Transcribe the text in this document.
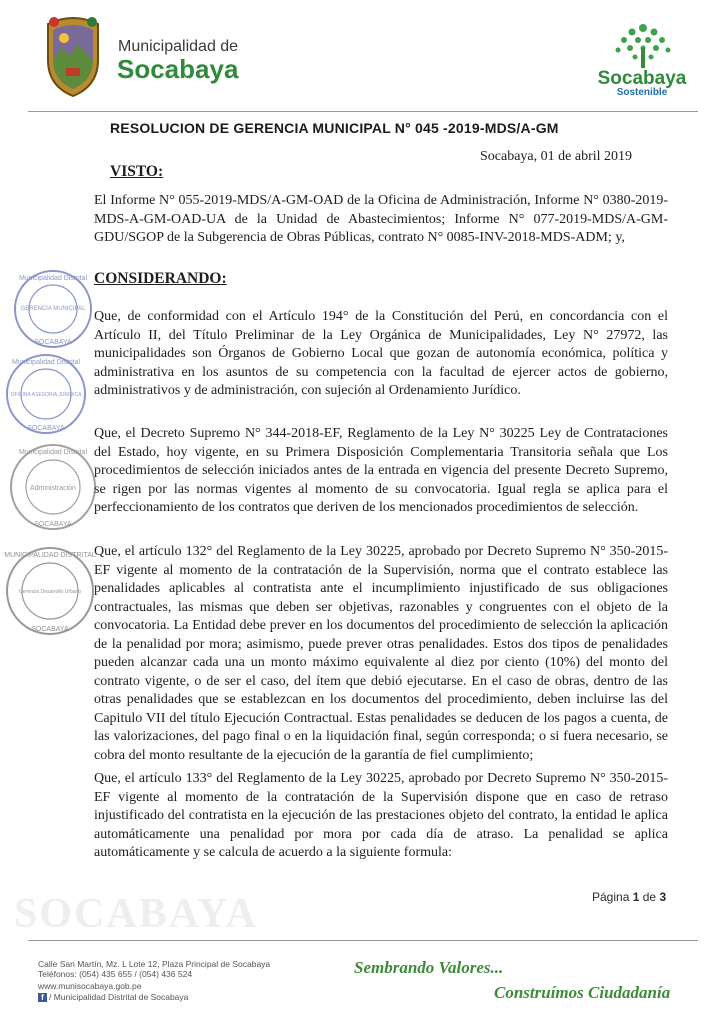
Municipalidad de
Socabaya	Socabaya
Sostenible
RESOLUCION DE GERENCIA MUNICIPAL N° 045 -2019-MDS/A-GM
Socabaya, 01 de abril 2019
VISTO:
El Informe N° 055-2019-MDS/A-GM-OAD de la Oficina de Administración, Informe N° 0380-2019-MDS-A-GM-OAD-UA de la Unidad de Abastecimientos; Informe N° 077-2019-MDS/A-GM-GDU/SGOP de la Subgerencia de Obras Públicas, contrato N° 0085-INV-2018-MDS-ADM; y,
CONSIDERANDO:
Que, de conformidad con el Artículo 194° de la Constitución del Perú, en concordancia con el Artículo II, del Título Preliminar de la Ley Orgánica de Municipalidades, Ley N° 27972, las municipalidades son Órganos de Gobierno Local que gozan de autonomía económica, política y administrativa en los asuntos de su competencia con la facultad de ejercer actos de gobierno, administrativos y de administración, con sujeción al Ordenamiento Jurídico.
Que, el Decreto Supremo N° 344-2018-EF, Reglamento de la Ley N° 30225 Ley de Contrataciones del Estado, hoy vigente, en su Primera Disposición Complementaria Transitoria señala que Los procedimientos de selección iniciados antes de la entrada en vigencia del presente Decreto Supremo, se rigen por las normas vigentes al momento de su convocatoria. Igual regla se aplica para el perfeccionamiento de los contratos que deriven de los mencionados procedimientos de selección.
Que, el artículo 132° del Reglamento de la Ley 30225, aprobado por Decreto Supremo N° 350-2015-EF vigente al momento de la contratación de la Supervisión, norma que el contrato establece las penalidades aplicables al contratista ante el incumplimiento injustificado de sus obligaciones contractuales, las mismas que deben ser objetivas, razonables y congruentes con el objeto de la convocatoria. La Entidad debe prever en los documentos del procedimiento de selección la aplicación de la penalidad por mora; asimismo, puede prever otras penalidades. Estos dos tipos de penalidades pueden alcanzar cada una un monto máximo equivalente al diez por ciento (10%) del monto del contrato vigente, o de ser el caso, del ítem que debió ejecutarse. En el caso de obras, dentro de las otras penalidades que se establezcan en los documentos del procedimiento, deben incluirse las del Capitulo VII del título Ejecución Contractual. Estas penalidades se deducen de los pagos a cuenta, de las valorizaciones, del pago final o en la liquidación final, según corresponda; o si fuera necesario, se cobra del monto resultante de la ejecución de la garantía de fiel cumplimiento;
Que, el artículo 133° del Reglamento de la Ley 30225, aprobado por Decreto Supremo N° 350-2015-EF vigente al momento de la contratación de la Supervisión dispone que en caso de retraso injustificado del contratista en la ejecución de las prestaciones objeto del contrato, la entidad le aplica automáticamente una penalidad por mora por cada día de atraso. La penalidad se aplica automáticamente y se calcula de acuerdo a la siguiente formula:
Municipalidad Distrital
GERENCIA MUNICIPAL
SOCABAYA
Municipalidad Distrital
OFICINA ASESORIA JURIDICA
SOCABAYA
Municipalidad Distrital
Administración
SOCABAYA
MUNICIPALIDAD DISTRITAL
Gerencia Desarrollo Urbano
SOCABAYA
SOCABAYA	Página 1 de 3
Calle San Martín, Mz. L Lote 12, Plaza Principal de Socabaya
Teléfonos: (054) 435 655 / (054) 436 524
www.munisocabaya.gob.pe
f / Municipalidad Distrital de Socabaya
Sembrando Valores...
Construímos Ciudadanía
